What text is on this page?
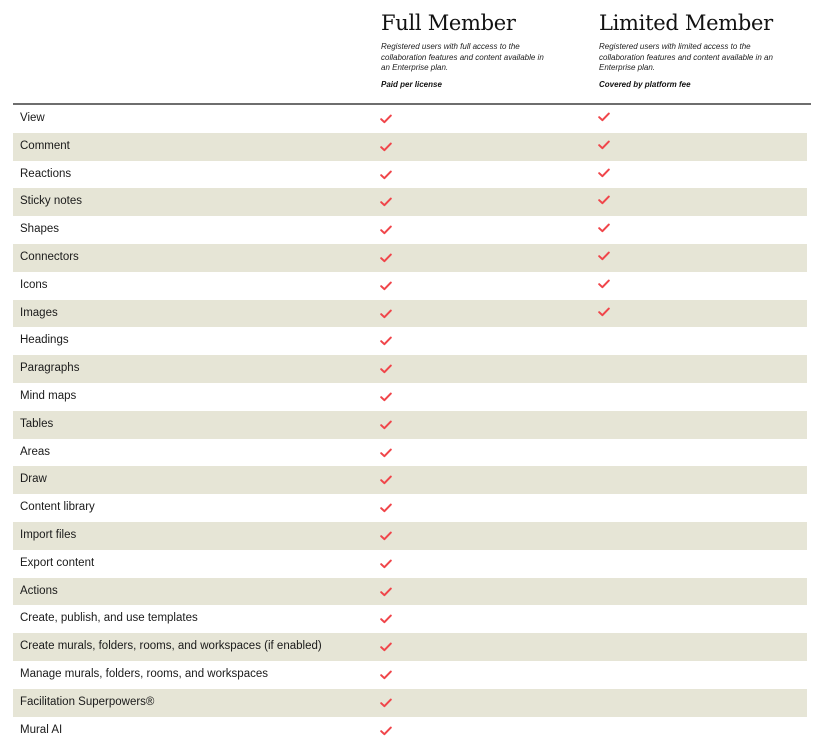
Full Member
Registered users with full access to the collaboration features and content available in an Enterprise plan.
Paid per license
Limited Member
Registered users with limited access to the collaboration features and content available in an Enterprise plan.
Covered by platform fee
View
Comment
Reactions
Sticky notes
Shapes
Connectors
Icons
Images
Headings
Paragraphs
Mind maps
Tables
Areas
Draw
Content library
Import files
Export content
Actions
Create, publish, and use templates
Create murals, folders, rooms, and workspaces (if enabled)
Manage murals, folders, rooms, and workspaces
Facilitation Superpowers®
Mural AI
